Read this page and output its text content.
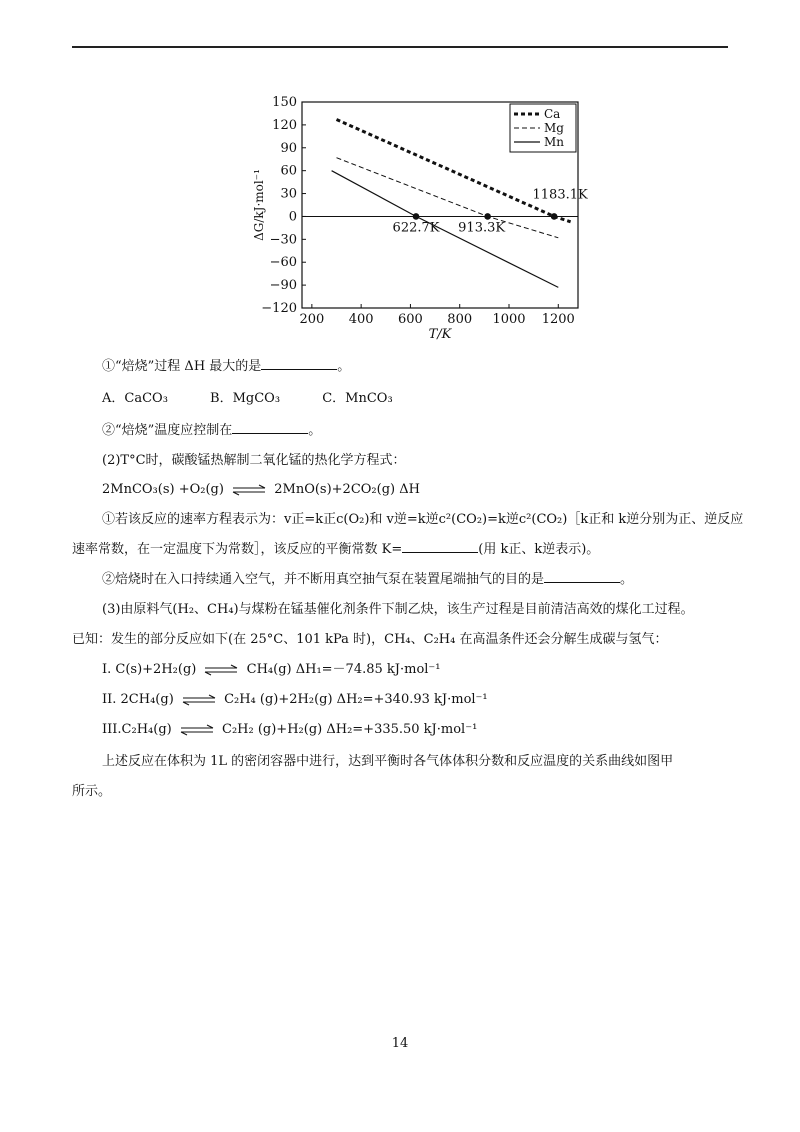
150
120
90
60
30
0
−30
−60
−90
−120
200 400 600 800 1000 1200
T/K
ΔG/kJ·mol⁻¹	622.7K 913.3K
1183.1K
Ca
Mg
Mn
①“焙烧”过程 ΔH 最大的是	。
A．CaCO₃	B．MgCO₃	C．MnCO₃
②“焙烧”温度应控制在	。
(2)T°C时，碳酸锰热解制二氧化锰的热化学方程式：
2MnCO₃(s) +O₂(g) ⇌ 2MnO(s)+2CO₂(g) ΔH
①若该反应的速率方程表示为：v正=k正c(O₂)和 v逆=k逆c²(CO₂)=k逆c²(CO₂)［k正和 k逆分别为正、逆反应
速率常数，在一定温度下为常数］，该反应的平衡常数 K=	(用 k正、k逆表示)。
②焙烧时在入口持续通入空气，并不断用真空抽气泵在装置尾端抽气的目的是	。
(3)由原料气(H₂、CH₄)与煤粉在锰基催化剂条件下制乙炔，该生产过程是目前清洁高效的煤化工过程。
已知：发生的部分反应如下(在 25°C、101 kPa 时)，CH₄、C₂H₄ 在高温条件还会分解生成碳与氢气：
I. C(s)+2H₂(g) ⇌ CH₄(g) ΔH₁=－74.85 kJ·mol⁻¹
II. 2CH₄(g) ⇌ C₂H₄ (g)+2H₂(g) ΔH₂=+340.93 kJ·mol⁻¹
III.C₂H₄(g) ⇌ C₂H₂ (g)+H₂(g) ΔH₂=+335.50 kJ·mol⁻¹
上述反应在体积为 1L 的密闭容器中进行，达到平衡时各气体体积分数和反应温度的关系曲线如图甲
所示。
14
